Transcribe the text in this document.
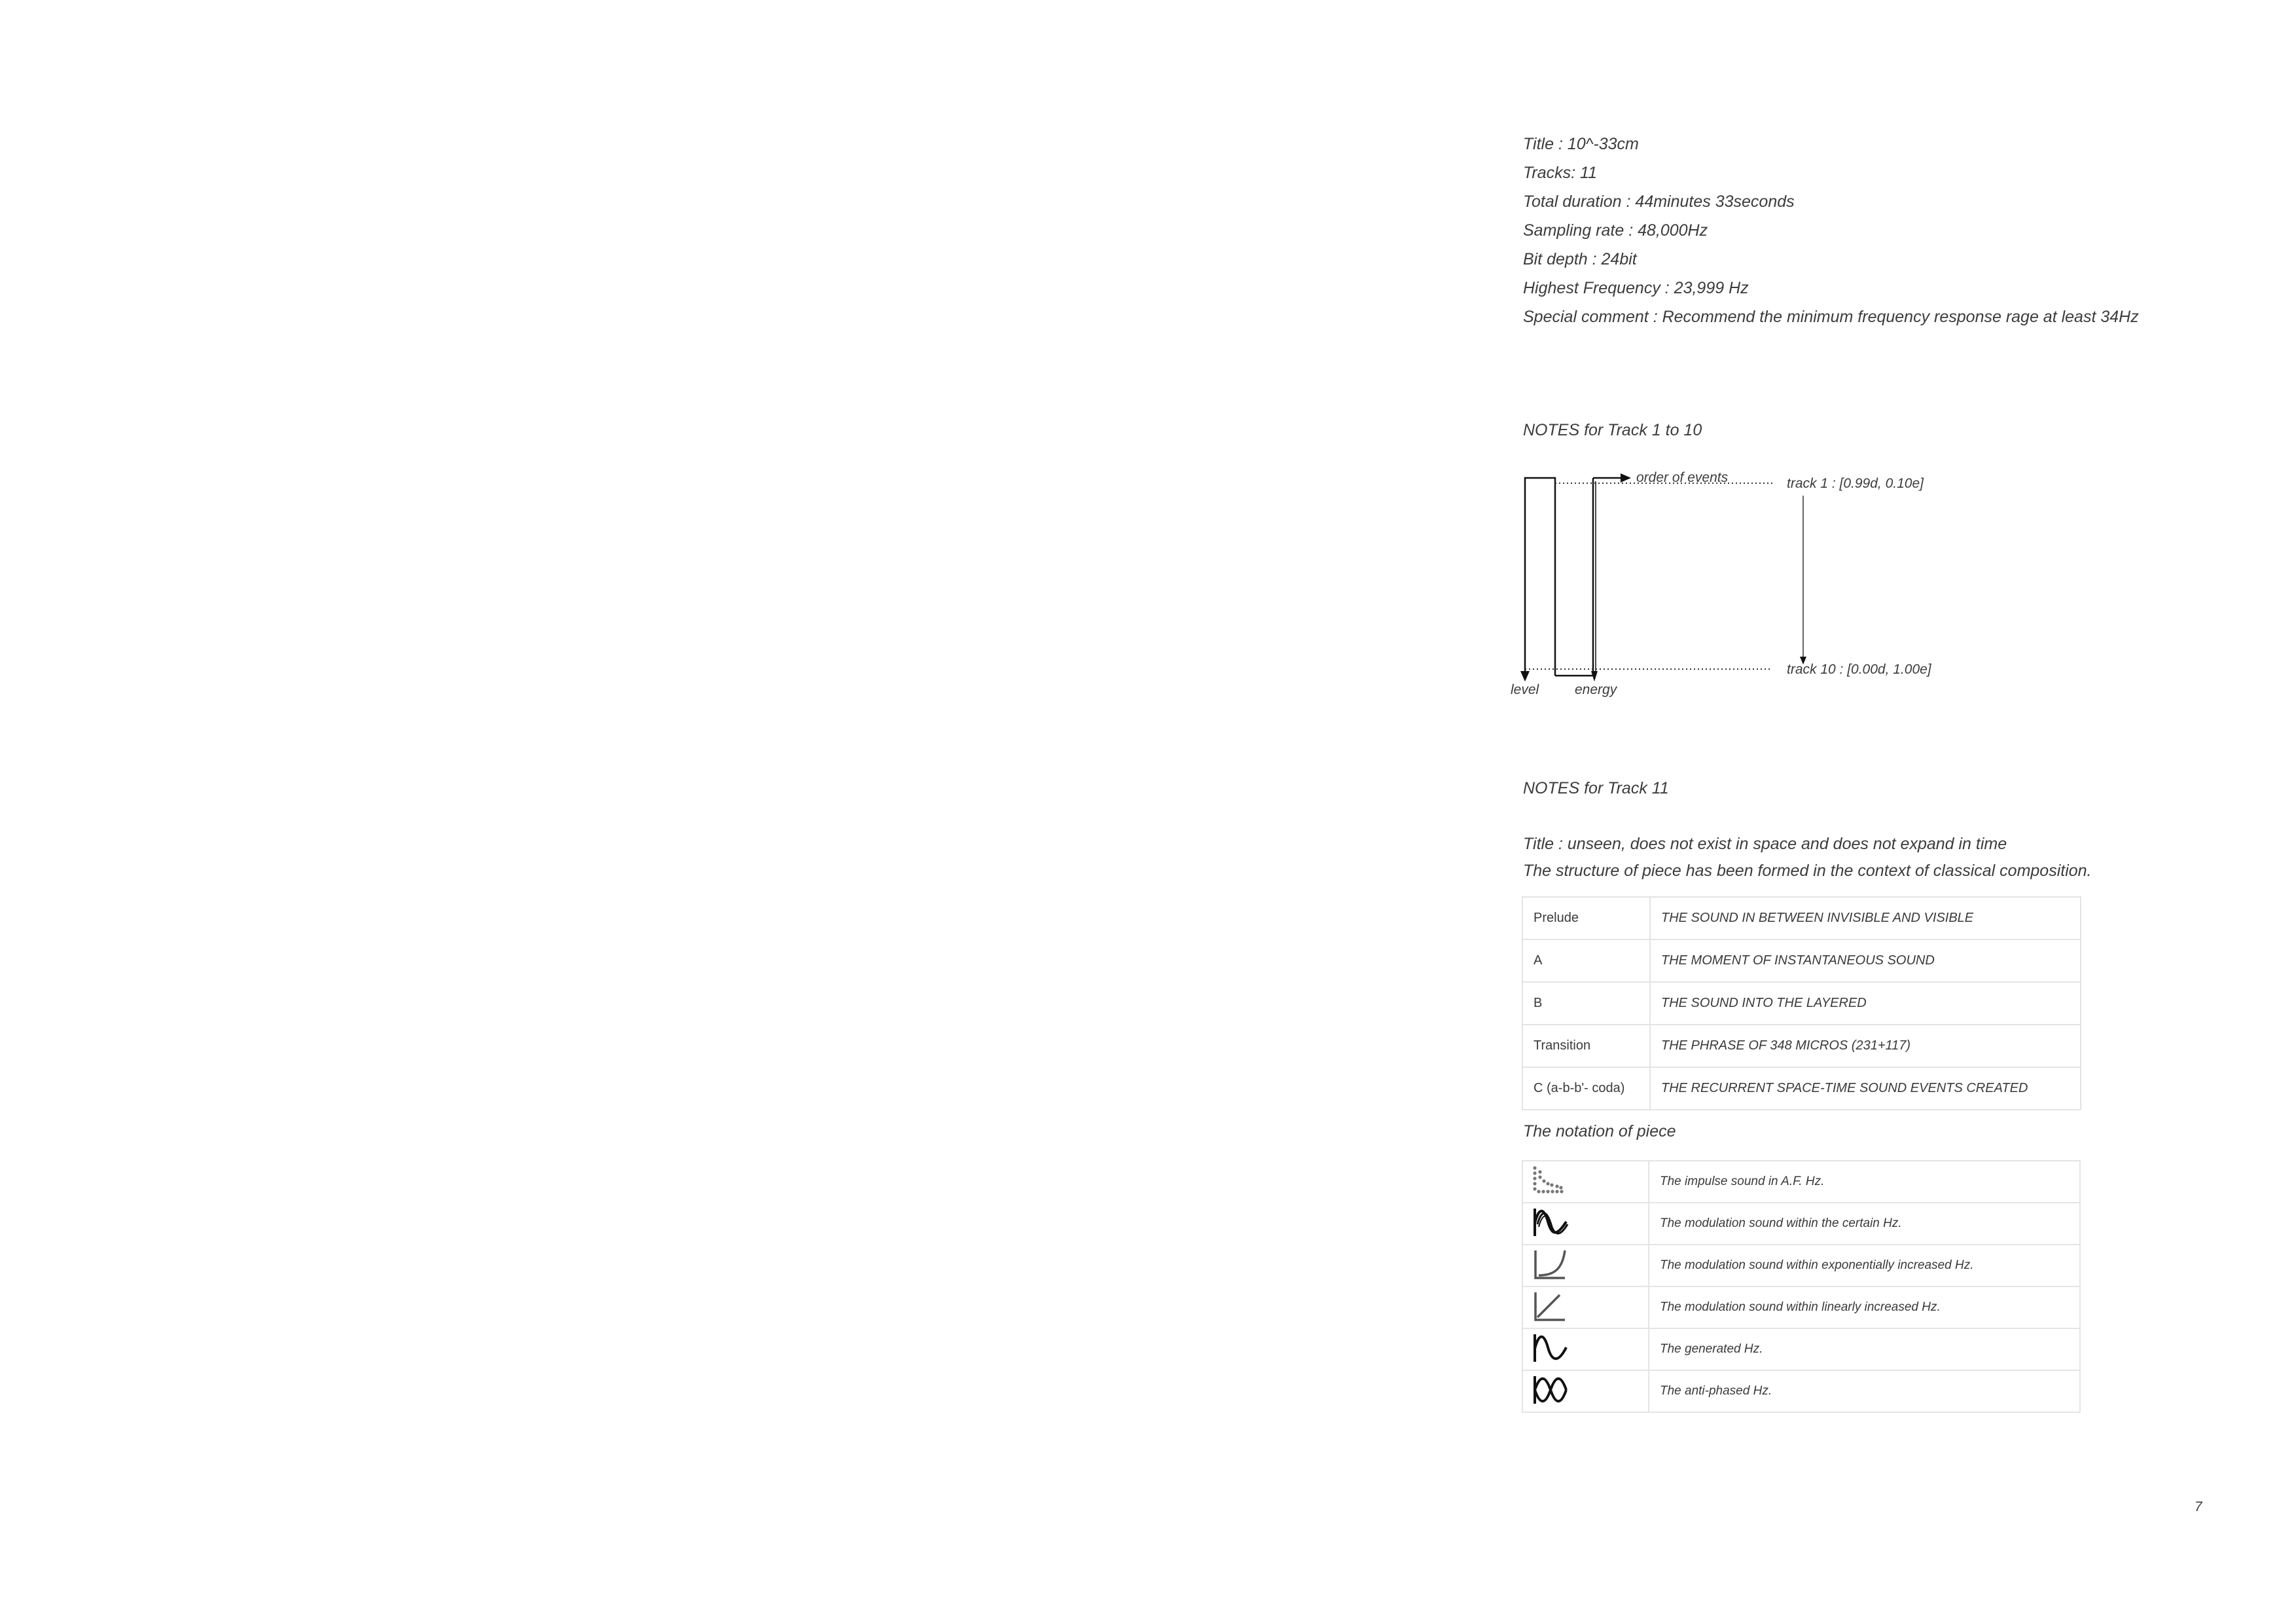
Title : 10^-33cm
Tracks: 11
Total duration : 44minutes 33seconds
Sampling rate : 48,000Hz
Bit depth : 24bit
Highest Frequency : 23,999 Hz
Special comment : Recommend the minimum frequency response rage at least 34Hz
NOTES for Track 1 to 10
order of events	track 1 : [0.99d, 0.10e]
track 10 : [0.00d, 1.00e]
level	energy
NOTES for Track 11
Title : unseen, does not exist in space and does not expand in time
The structure of piece has been formed in the context of classical composition.
Prelude	THE SOUND IN BETWEEN INVISIBLE AND VISIBLE
A	THE MOMENT OF INSTANTANEOUS SOUND
B	THE SOUND INTO THE LAYERED
Transition	THE PHRASE OF 348 MICROS (231+117)
C (a-b-b'- coda)	THE RECURRENT SPACE-TIME SOUND EVENTS CREATED
The notation of piece
	The impulse sound in A.F. Hz.
	The modulation sound within the certain Hz.
	The modulation sound within exponentially increased Hz.
	The modulation sound within linearly increased Hz.
	The generated Hz.
	The anti-phased Hz.
7
